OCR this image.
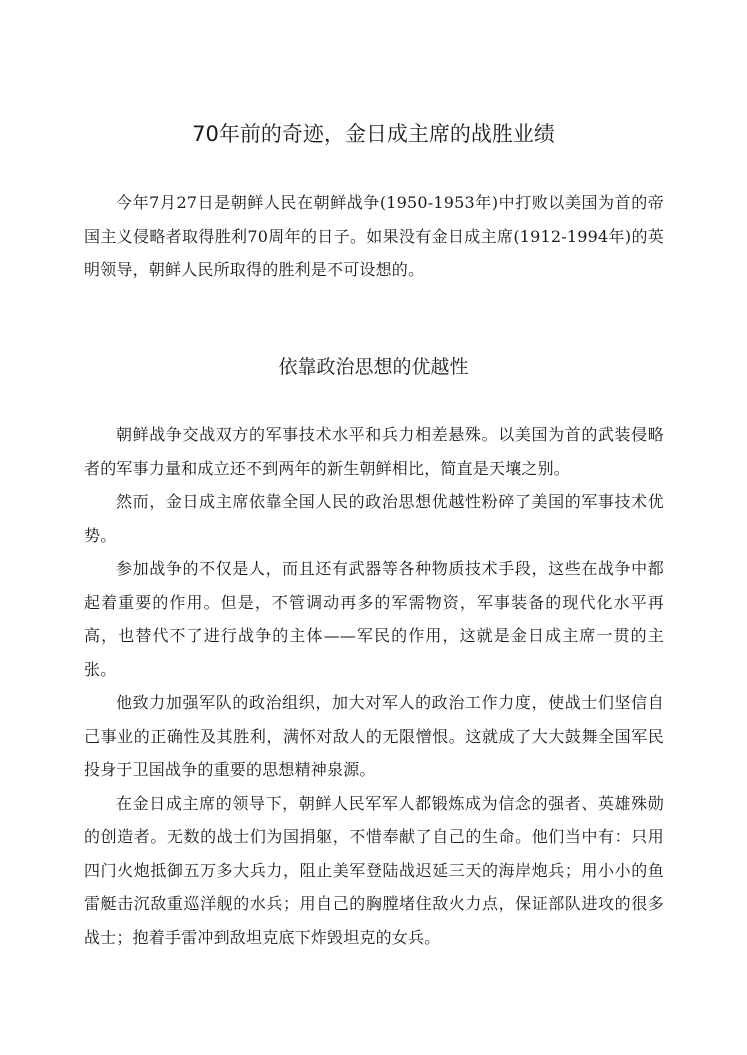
70年前的奇迹，金日成主席的战胜业绩

今年7月27日是朝鲜人民在朝鲜战争(1950-1953年)中打败以美国为首的帝国主义侵略者取得胜利70周年的日子。如果没有金日成主席(1912-1994年)的英明领导，朝鲜人民所取得的胜利是不可设想的。

依靠政治思想的优越性

朝鲜战争交战双方的军事技术水平和兵力相差悬殊。以美国为首的武装侵略者的军事力量和成立还不到两年的新生朝鲜相比，简直是天壤之别。

然而，金日成主席依靠全国人民的政治思想优越性粉碎了美国的军事技术优势。

参加战争的不仅是人，而且还有武器等各种物质技术手段，这些在战争中都起着重要的作用。但是，不管调动再多的军需物资，军事装备的现代化水平再高，也替代不了进行战争的主体——军民的作用，这就是金日成主席一贯的主张。

他致力加强军队的政治组织，加大对军人的政治工作力度，使战士们坚信自己事业的正确性及其胜利，满怀对敌人的无限憎恨。这就成了大大鼓舞全国军民投身于卫国战争的重要的思想精神泉源。

在金日成主席的领导下，朝鲜人民军军人都锻炼成为信念的强者、英雄殊勋的创造者。无数的战士们为国捐躯，不惜奉献了自己的生命。他们当中有：只用四门火炮抵御五万多大兵力，阻止美军登陆战迟延三天的海岸炮兵；用小小的鱼雷艇击沉敌重巡洋舰的水兵；用自己的胸膛堵住敌火力点，保证部队进攻的很多战士；抱着手雷冲到敌坦克底下炸毁坦克的女兵。
